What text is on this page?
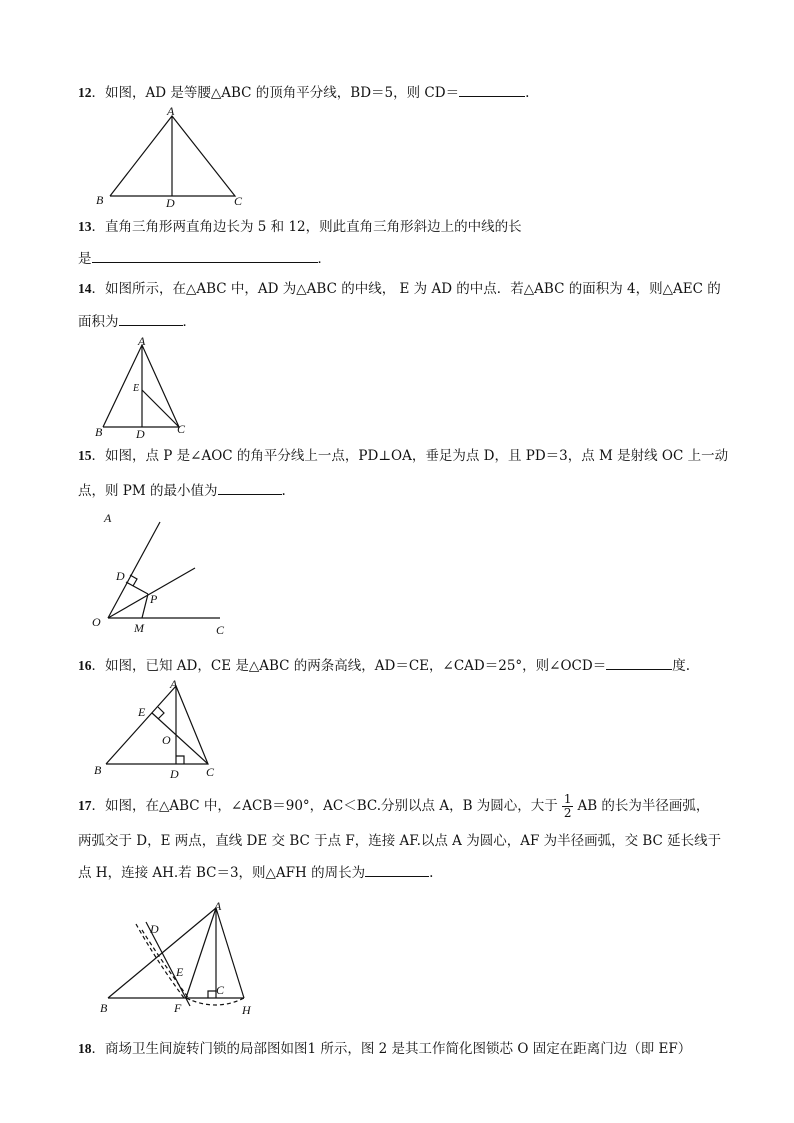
12．如图，AD 是等腰△ABC 的顶角平分线，BD＝5，则 CD＝	.
A
B	C
D
13．直角三角形两直角边长为 5 和 12，则此直角三角形斜边上的中线的长
是	．
14．如图所示，在△ABC 中，AD 为△ABC 的中线， E 为 AD 的中点．若△ABC 的面积为 4，则△AEC 的
面积为	．
A
E
B	D	C
15．如图，点 P 是∠AOC 的角平分线上一点，PD⊥OA，垂足为点 D，且 PD＝3，点 M 是射线 OC 上一动
点，则 PM 的最小值为	.
A
D
P
O	M	C
16．如图，已知 AD，CE 是△ABC 的两条高线，AD＝CE，∠CAD＝25°，则∠OCD＝	度.
A
E
O
B	D C
17．如图，在△ABC 中，∠ACB＝90°，AC＜BC.分别以点 A，B 为圆心，大于 $\frac{1}{2}$ AB 的长为半径画弧，
两弧交于 D，E 两点，直线 DE 交 BC 于点 F，连接 AF.以点 A 为圆心，AF 为半径画弧，交 BC 延长线于
点 H，连接 AH.若 BC＝3，则△AFH 的周长为	.
A
D
E
B	F
C
H
18．商场卫生间旋转门锁的局部图如图1 所示，图 2 是其工作简化图锁芯 O 固定在距离门边（即 EF）
